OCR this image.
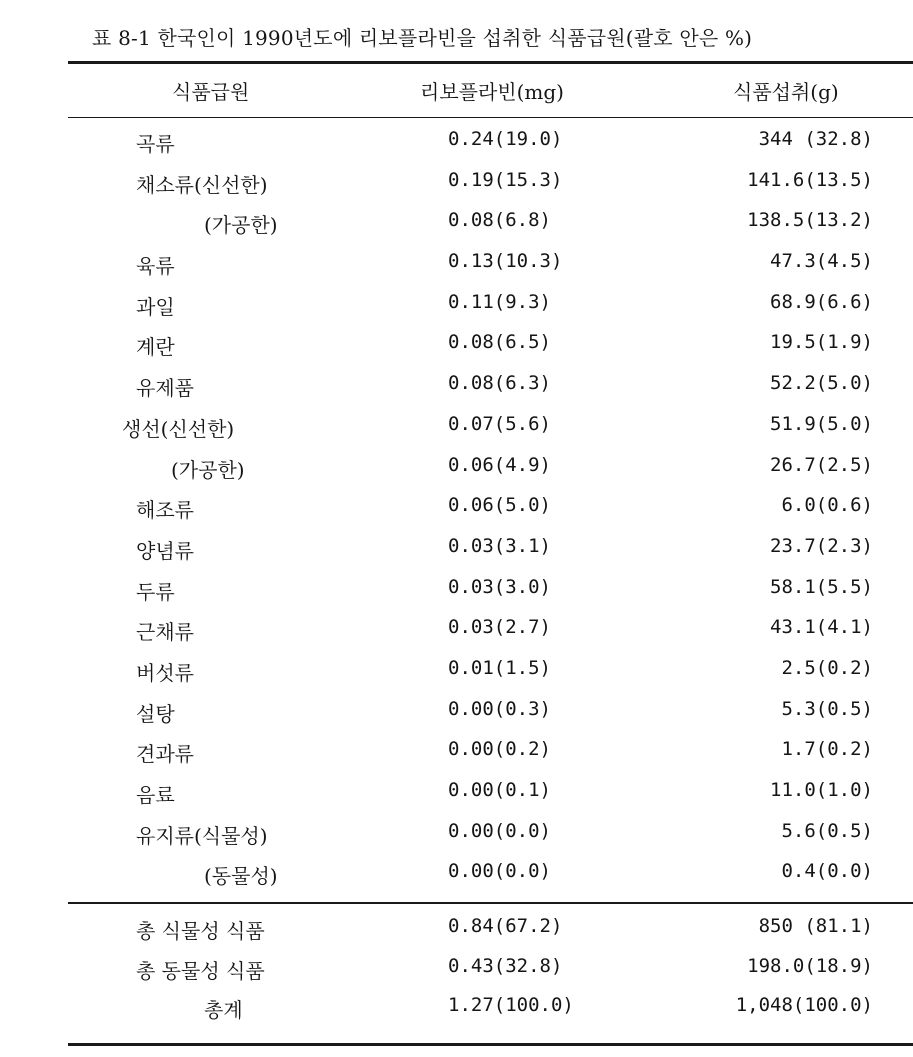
표 8-1 한국인이 1990년도에 리보플라빈을 섭취한 식품급원(괄호 안은 %)
식품급원	리보플라빈(mg)	식품섭취(g)
곡류	0.24(19.0)	344 (32.8)
채소류(신선한)	0.19(15.3)	141.6(13.5)
(가공한)	0.08(6.8)	138.5(13.2)
육류	0.13(10.3)	47.3(4.5)
과일	0.11(9.3)	68.9(6.6)
계란	0.08(6.5)	19.5(1.9)
유제품	0.08(6.3)	52.2(5.0)
생선(신선한)	0.07(5.6)	51.9(5.0)
(가공한)	0.06(4.9)	26.7(2.5)
해조류	0.06(5.0)	6.0(0.6)
양념류	0.03(3.1)	23.7(2.3)
두류	0.03(3.0)	58.1(5.5)
근채류	0.03(2.7)	43.1(4.1)
버섯류	0.01(1.5)	2.5(0.2)
설탕	0.00(0.3)	5.3(0.5)
견과류	0.00(0.2)	1.7(0.2)
음료	0.00(0.1)	11.0(1.0)
유지류(식물성)	0.00(0.0)	5.6(0.5)
(동물성)	0.00(0.0)	0.4(0.0)
총 식물성 식품	0.84(67.2)	850 (81.1)
총 동물성 식품	0.43(32.8)	198.0(18.9)
총계	1.27(100.0)	1,048(100.0)
